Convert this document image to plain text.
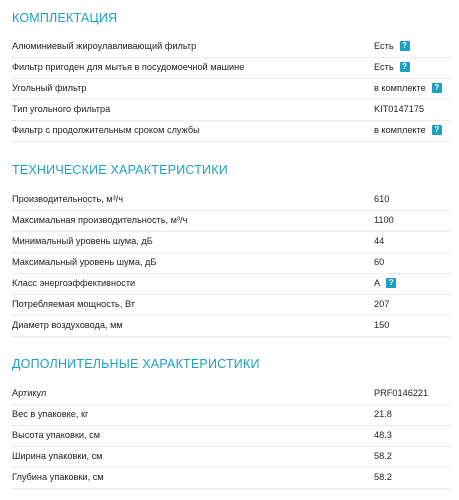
КОМПЛЕКТАЦИЯ
Алюминиевый жироулавливающий фильтр	Есть ?
Фильтр пригоден для мытья в посудомоечной машине	Есть ?
Угольный фильтр	в комплекте ?
Тип угольного фильтра	KIT0147175
Фильтр с продолжительным сроком службы	в комплекте ?
ТЕХНИЧЕСКИЕ ХАРАКТЕРИСТИКИ
Производительность, м³/ч	610
Максимальная производительность, м³/ч	1100
Минимальный уровень шума, дБ	44
Максимальный уровень шума, дБ	60
Класс энергоэффективности	A ?
Потребляемая мощность, Вт	207
Диаметр воздуховода, мм	150
ДОПОЛНИТЕЛЬНЫЕ ХАРАКТЕРИСТИКИ
Артикул	PRF0146221
Вес в упаковке, кг	21.8
Высота упаковки, см	48.3
Ширина упаковки, см	58.2
Глубина упаковки, см	58.2
